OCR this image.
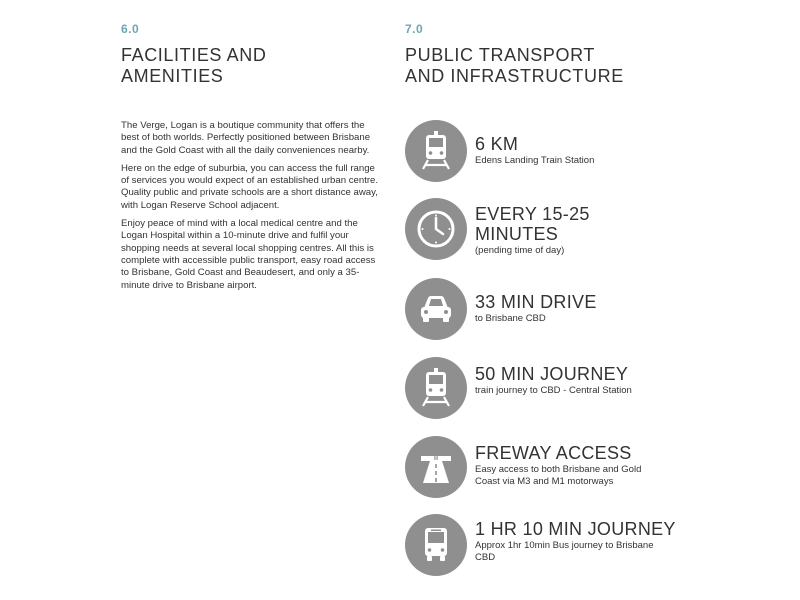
6.0
FACILITIES AND
AMENITIES

The Verge, Logan is a boutique community that offers the best of both worlds. Perfectly positioned between Brisbane and the Gold Coast with all the daily conveniences nearby.

Here on the edge of suburbia, you can access the full range of services you would expect of an established urban centre. Quality public and private schools are a short distance away, with Logan Reserve School adjacent.

Enjoy peace of mind with a local medical centre and the Logan Hospital within a 10-minute drive and fulfil your shopping needs at several local shopping centres. All this is complete with accessible public transport, easy road access to Brisbane, Gold Coast and Beaudesert, and only a 35-minute drive to Brisbane airport.

7.0
PUBLIC TRANSPORT
AND INFRASTRUCTURE
6 KM
Edens Landing Train Station
EVERY 15-25
MINUTES
(pending time of day)
33 MIN DRIVE
to Brisbane CBD
50 MIN JOURNEY
train journey to CBD - Central Station
M FREWAY ACCESS
Easy access to both Brisbane and Gold Coast via M3 and M1 motorways
1 HR 10 MIN JOURNEY
Approx 1hr 10min Bus journey to Brisbane CBD
